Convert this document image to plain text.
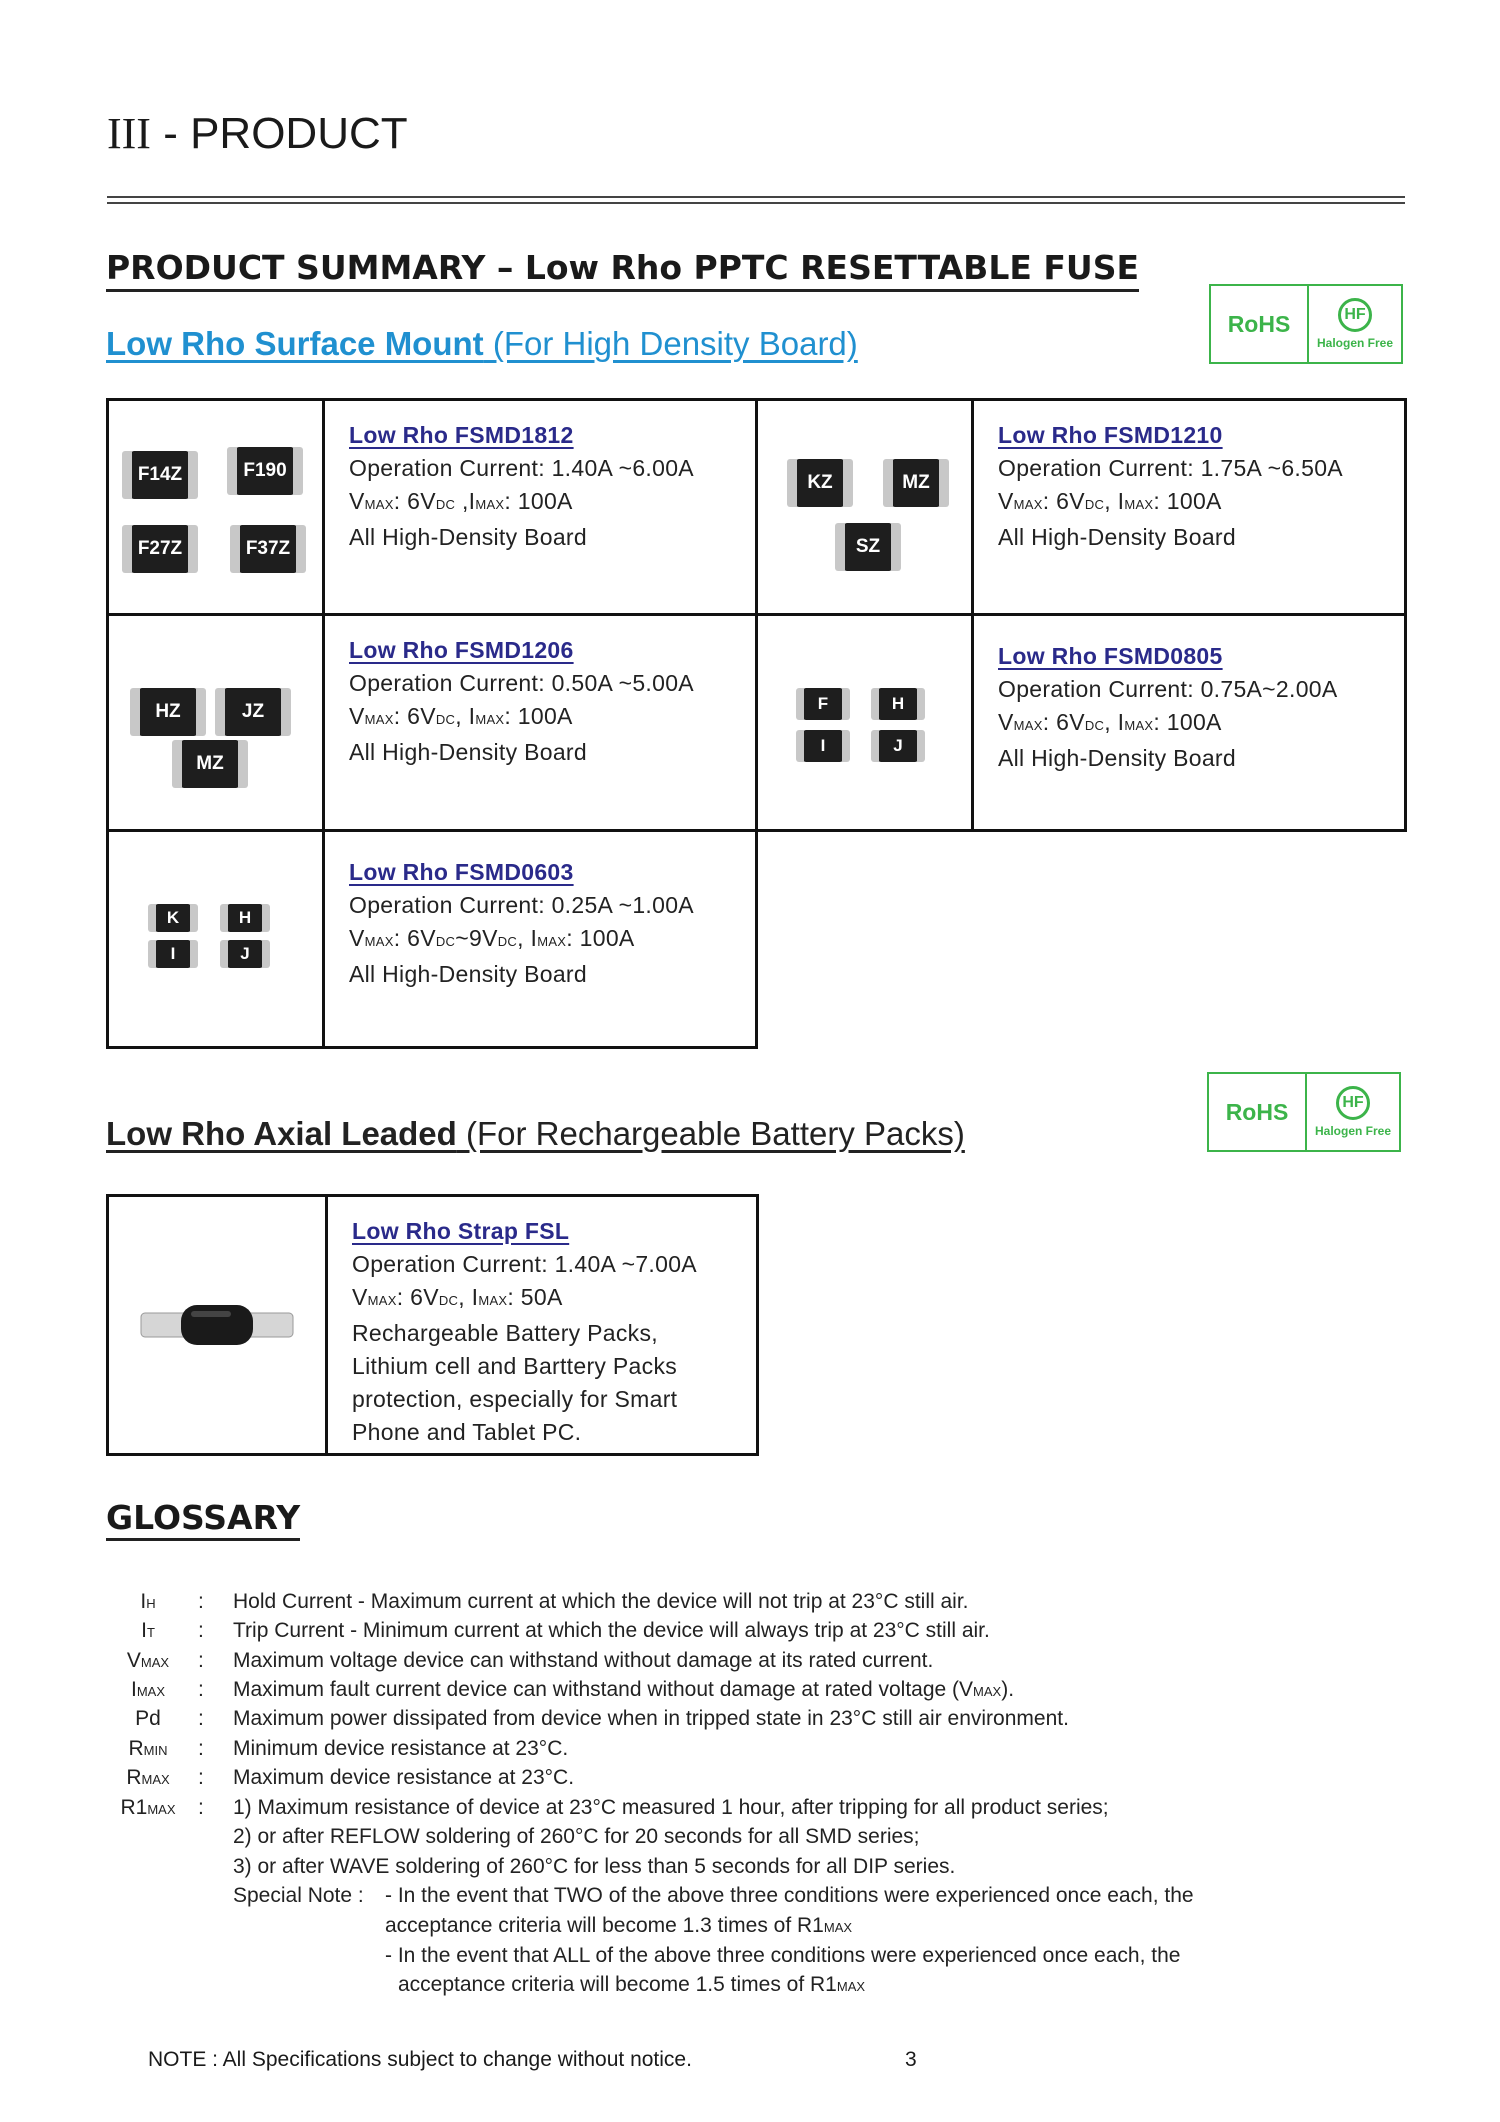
III - PRODUCT
PRODUCT SUMMARY – Low Rho PPTC RESETTABLE FUSE
Low Rho Surface Mount (For High Density Board)
RoHS	HF
Halogen Free
F14Z	F190
F27Z	F37Z
Low Rho FSMD1812
Operation Current: 1.40A ~6.00A
VMAX: 6VDC ,IMAX: 100A
All High-Density Board
KZ	MZ
SZ
Low Rho FSMD1210
Operation Current: 1.75A ~6.50A
VMAX: 6VDC, IMAX: 100A
All High-Density Board
HZ	JZ
MZ
Low Rho FSMD1206
Operation Current: 0.50A ~5.00A
VMAX: 6VDC, IMAX: 100A
All High-Density Board
F	H
I	J
Low Rho FSMD0805
Operation Current: 0.75A~2.00A
VMAX: 6VDC, IMAX: 100A
All High-Density Board
K	H
I	J
Low Rho FSMD0603
Operation Current: 0.25A ~1.00A
VMAX: 6VDC~9VDC, IMAX: 100A
All High-Density Board
Low Rho Axial Leaded (For Rechargeable Battery Packs)
RoHS	HF
Halogen Free
Low Rho Strap FSL
Operation Current: 1.40A ~7.00A
VMAX: 6VDC, IMAX: 50A
Rechargeable Battery Packs,
Lithium cell and Barttery Packs
protection, especially for Smart
Phone and Tablet PC.
GLOSSARY
IH	: Hold Current - Maximum current at which the device will not trip at 23°C still air.
IT	: Trip Current - Minimum current at which the device will always trip at 23°C still air.
VMAX	: Maximum voltage device can withstand without damage at its rated current.
IMAX	: Maximum fault current device can withstand without damage at rated voltage (VMAX).
Pd	: Maximum power dissipated from device when in tripped state in 23°C still air environment.
RMIN	: Minimum device resistance at 23°C.
RMAX	: Maximum device resistance at 23°C.
R1MAX	: 1) Maximum resistance of device at 23°C measured 1 hour, after tripping for all product series;
2) or after REFLOW soldering of 260°C for 20 seconds for all SMD series;
3) or after WAVE soldering of 260°C for less than 5 seconds for all DIP series.
Special Note : - In the event that TWO of the above three conditions were experienced once each, the
acceptance criteria will become 1.3 times of R1MAX
- In the event that ALL of the above three conditions were experienced once each, the
acceptance criteria will become 1.5 times of R1MAX
NOTE : All Specifications subject to change without notice.	3
